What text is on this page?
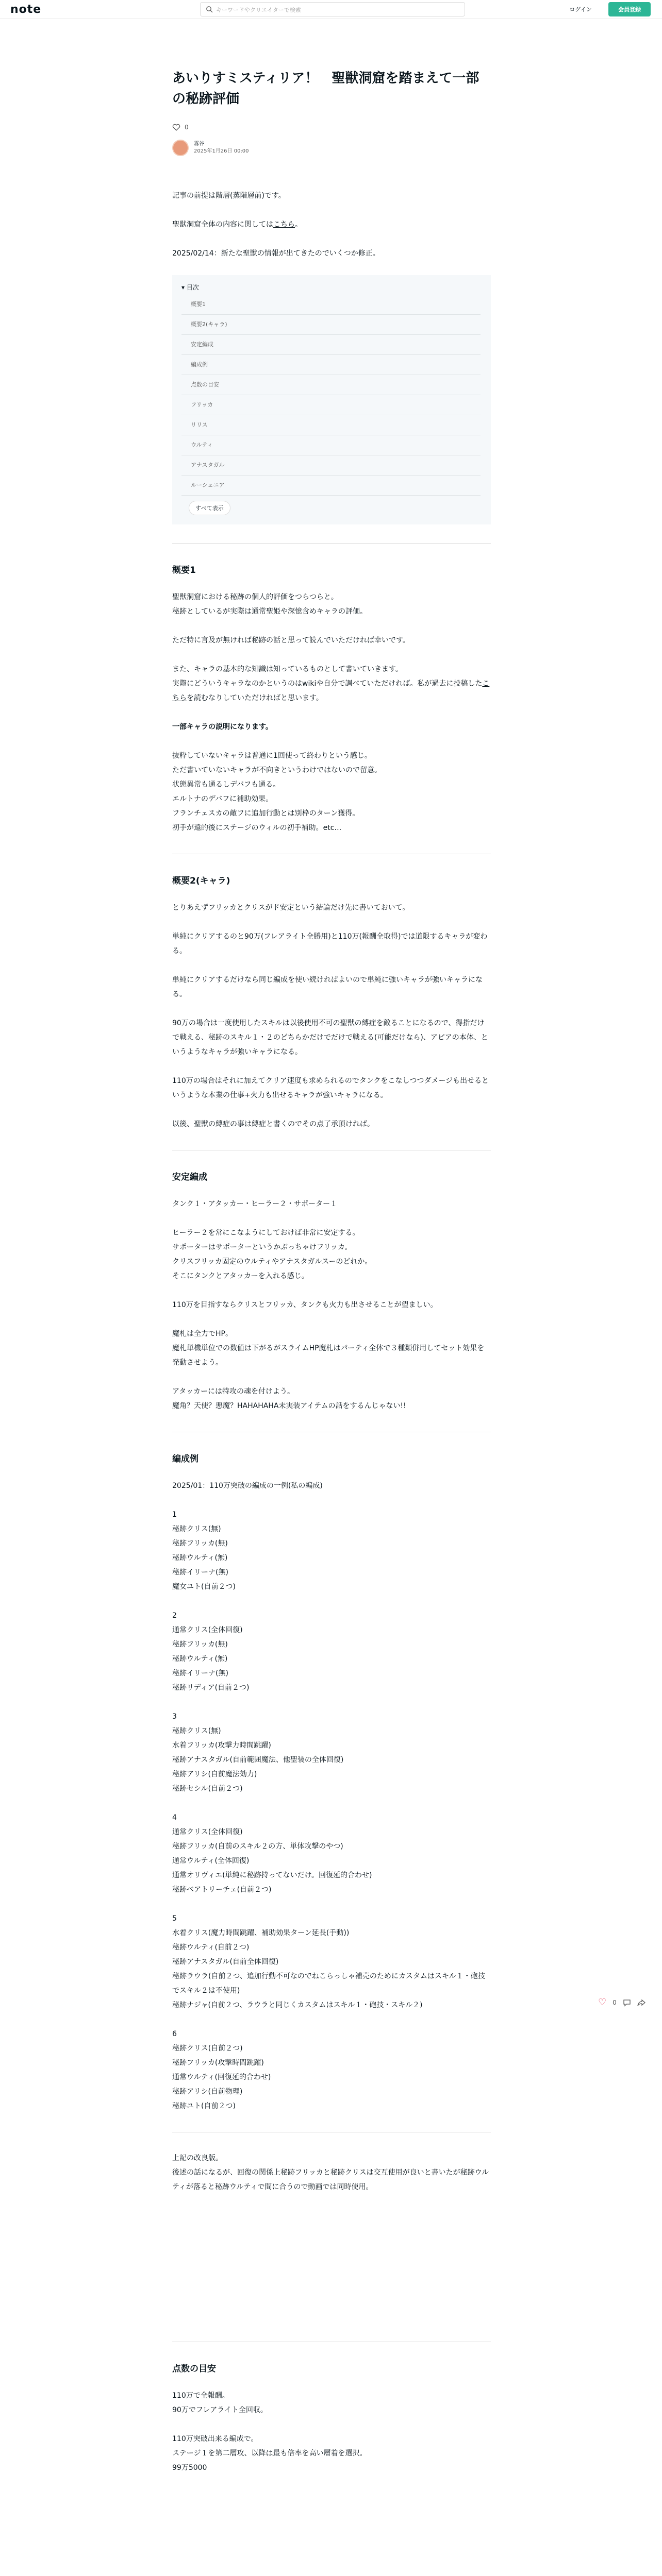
note
キーワードやクリエイターで検索	ログイン	会員登録
あいりすミスティリア！　聖獣洞窟を踏まえて一部の秘跡評価
0
霧谷
2025年1月26日 00:00

記事の前提は階層(蒸階層前)です。

聖獣洞窟全体の内容に関してはこちら。

2025/02/14：新たな聖獣の情報が出てきたのでいくつか修正。

▾ 目次
概要1
概要2(キャラ)
安定編成
編成例
点数の目安
フリッカ
リリス
ウルティ
アナスタガル
ルーシェニア
すべて表示
概要1

聖獣洞窟における秘跡の個人的評価をつらつらと。

秘跡としているが実際は通常聖姫や深憶含めキャラの評価。

ただ特に言及が無ければ秘跡の話と思って読んでいただければ幸いです。

また、キャラの基本的な知識は知っているものとして書いていきます。

実際にどういうキャラなのかというのはwikiや自分で調べていただければ。私が過去に投稿したこちらを読むなりしていただければと思います。

一部キャラの説明になります。

抜粋していないキャラは普通に1回使って終わりという感じ。

ただ書いていないキャラが不向きというわけではないので留意。

状態異常も通るしデバフも通る。

エルトナのデバフに補助効果。

フランチェスカの敵フに追加行動とは別枠のターン獲得。

初手が遠的後にステージのウィルの初手補助。etc…

概要2(キャラ)

とりあえずフリッカとクリスがド安定という結論だけ先に書いておいて。

単純にクリアするのと90万(フレアライト全勝用)と110万(報酬全取得)では道限するキャラが変わる。

単純にクリアするだけなら同じ編成を使い続ければよいので単純に強いキャラが強いキャラになる。

90万の場合は一度使用したスキルは以後使用不可の聖獣の縛症を敵ることになるので、得指だけで戦える、秘跡のスキル１・２のどちらかだけでだけで戦える(可能だけなら)、アピアの本体、というようなキャラが強いキャラになる。

110万の場合はそれに加えてクリア速度も求められるのでタンクをこなしつつダメージも出せるというような本業の仕事+火力も出せるキャラが強いキャラになる。

以後、聖獣の縛症の事は縛症と書くのでその点了承頂ければ。

安定編成

タンク１・アタッカー・ヒーラー２・サポーター１

ヒーラー２を常にこなようにしておけば非常に安定する。

サポーターはサポーターというかぶっちゃけフリッカ。

クリスフリッカ固定のウルティやアナスタガルスーのどれか。

そこにタンクとアタッカーを入れる感じ。

110万を目指すならクリスとフリッカ、タンクも火力も出させることが望ましい。

魔札は全力でHP。

魔札単機単位での数値は下がるがスライムHP魔札はパーティ全体で３種類併用してセット効果を発動させよう。

アタッカーには特攻の魂を付けよう。

魔角？天使？悪魔？HAHAHAHA未実装アイテムの話をするんじゃない!!

編成例

2025/01：110万突破の編成の一例(私の編成)

1

秘跡クリス(無)

秘跡フリッカ(無)

秘跡ウルティ(無)

秘跡イリーナ(無)

魔女ユト(自前２つ)

2

通常クリス(全体回復)

秘跡フリッカ(無)

秘跡ウルティ(無)

秘跡イリーナ(無)

秘跡リディア(自前２つ)

3

秘跡クリス(無)

水着フリッカ(攻撃力時間跳躍)

秘跡アナスタガル(自前範囲魔法、他聖装の全体回復)

秘跡アリシ(自前魔法効力)

秘跡セシル(自前２つ)

4

通常クリス(全体回復)

秘跡フリッカ(自前のスキル２の方、単体攻撃のやつ)

通常ウルティ(全体回復)

通常オリヴィエ(単純に秘跡持ってないだけ。回復延的合わせ)

秘跡ベアトリーチェ(自前２つ)

5

水着クリス(魔力時間跳躍、補助効果ターン延長(手動))

秘跡ウルティ(自前２つ)

秘跡アナスタガル(自前全体回復)

秘跡ラウラ(自前２つ、追加行動不可なのでねこらっしゃ補売のためにカスタムはスキル１・砲技でスキル２は不使用)

秘跡ナジャ(自前２つ、ラウラと同じくカスタムはスキル１・砲技・スキル２)

6

秘跡クリス(自前２つ)

秘跡フリッカ(攻撃時間跳躍)

通常ウルティ(回復延的合わせ)

秘跡アリシ(自前物理)

秘跡ユト(自前２つ)

上記の改良版。

後述の話になるが、回復の関係上秘跡フリッカと秘跡クリスは交互使用が良いと書いたが秘跡ウルティが落ると秘跡ウルティで間に合うので動画では同時使用。

点数の目安

110万で全報酬。

90万でフレアライト全回収。

110万突破出来る編成で。

ステージ１を第二層攻、以降は最も倍率を高い層着を選択。

99万5000

♡ 0
